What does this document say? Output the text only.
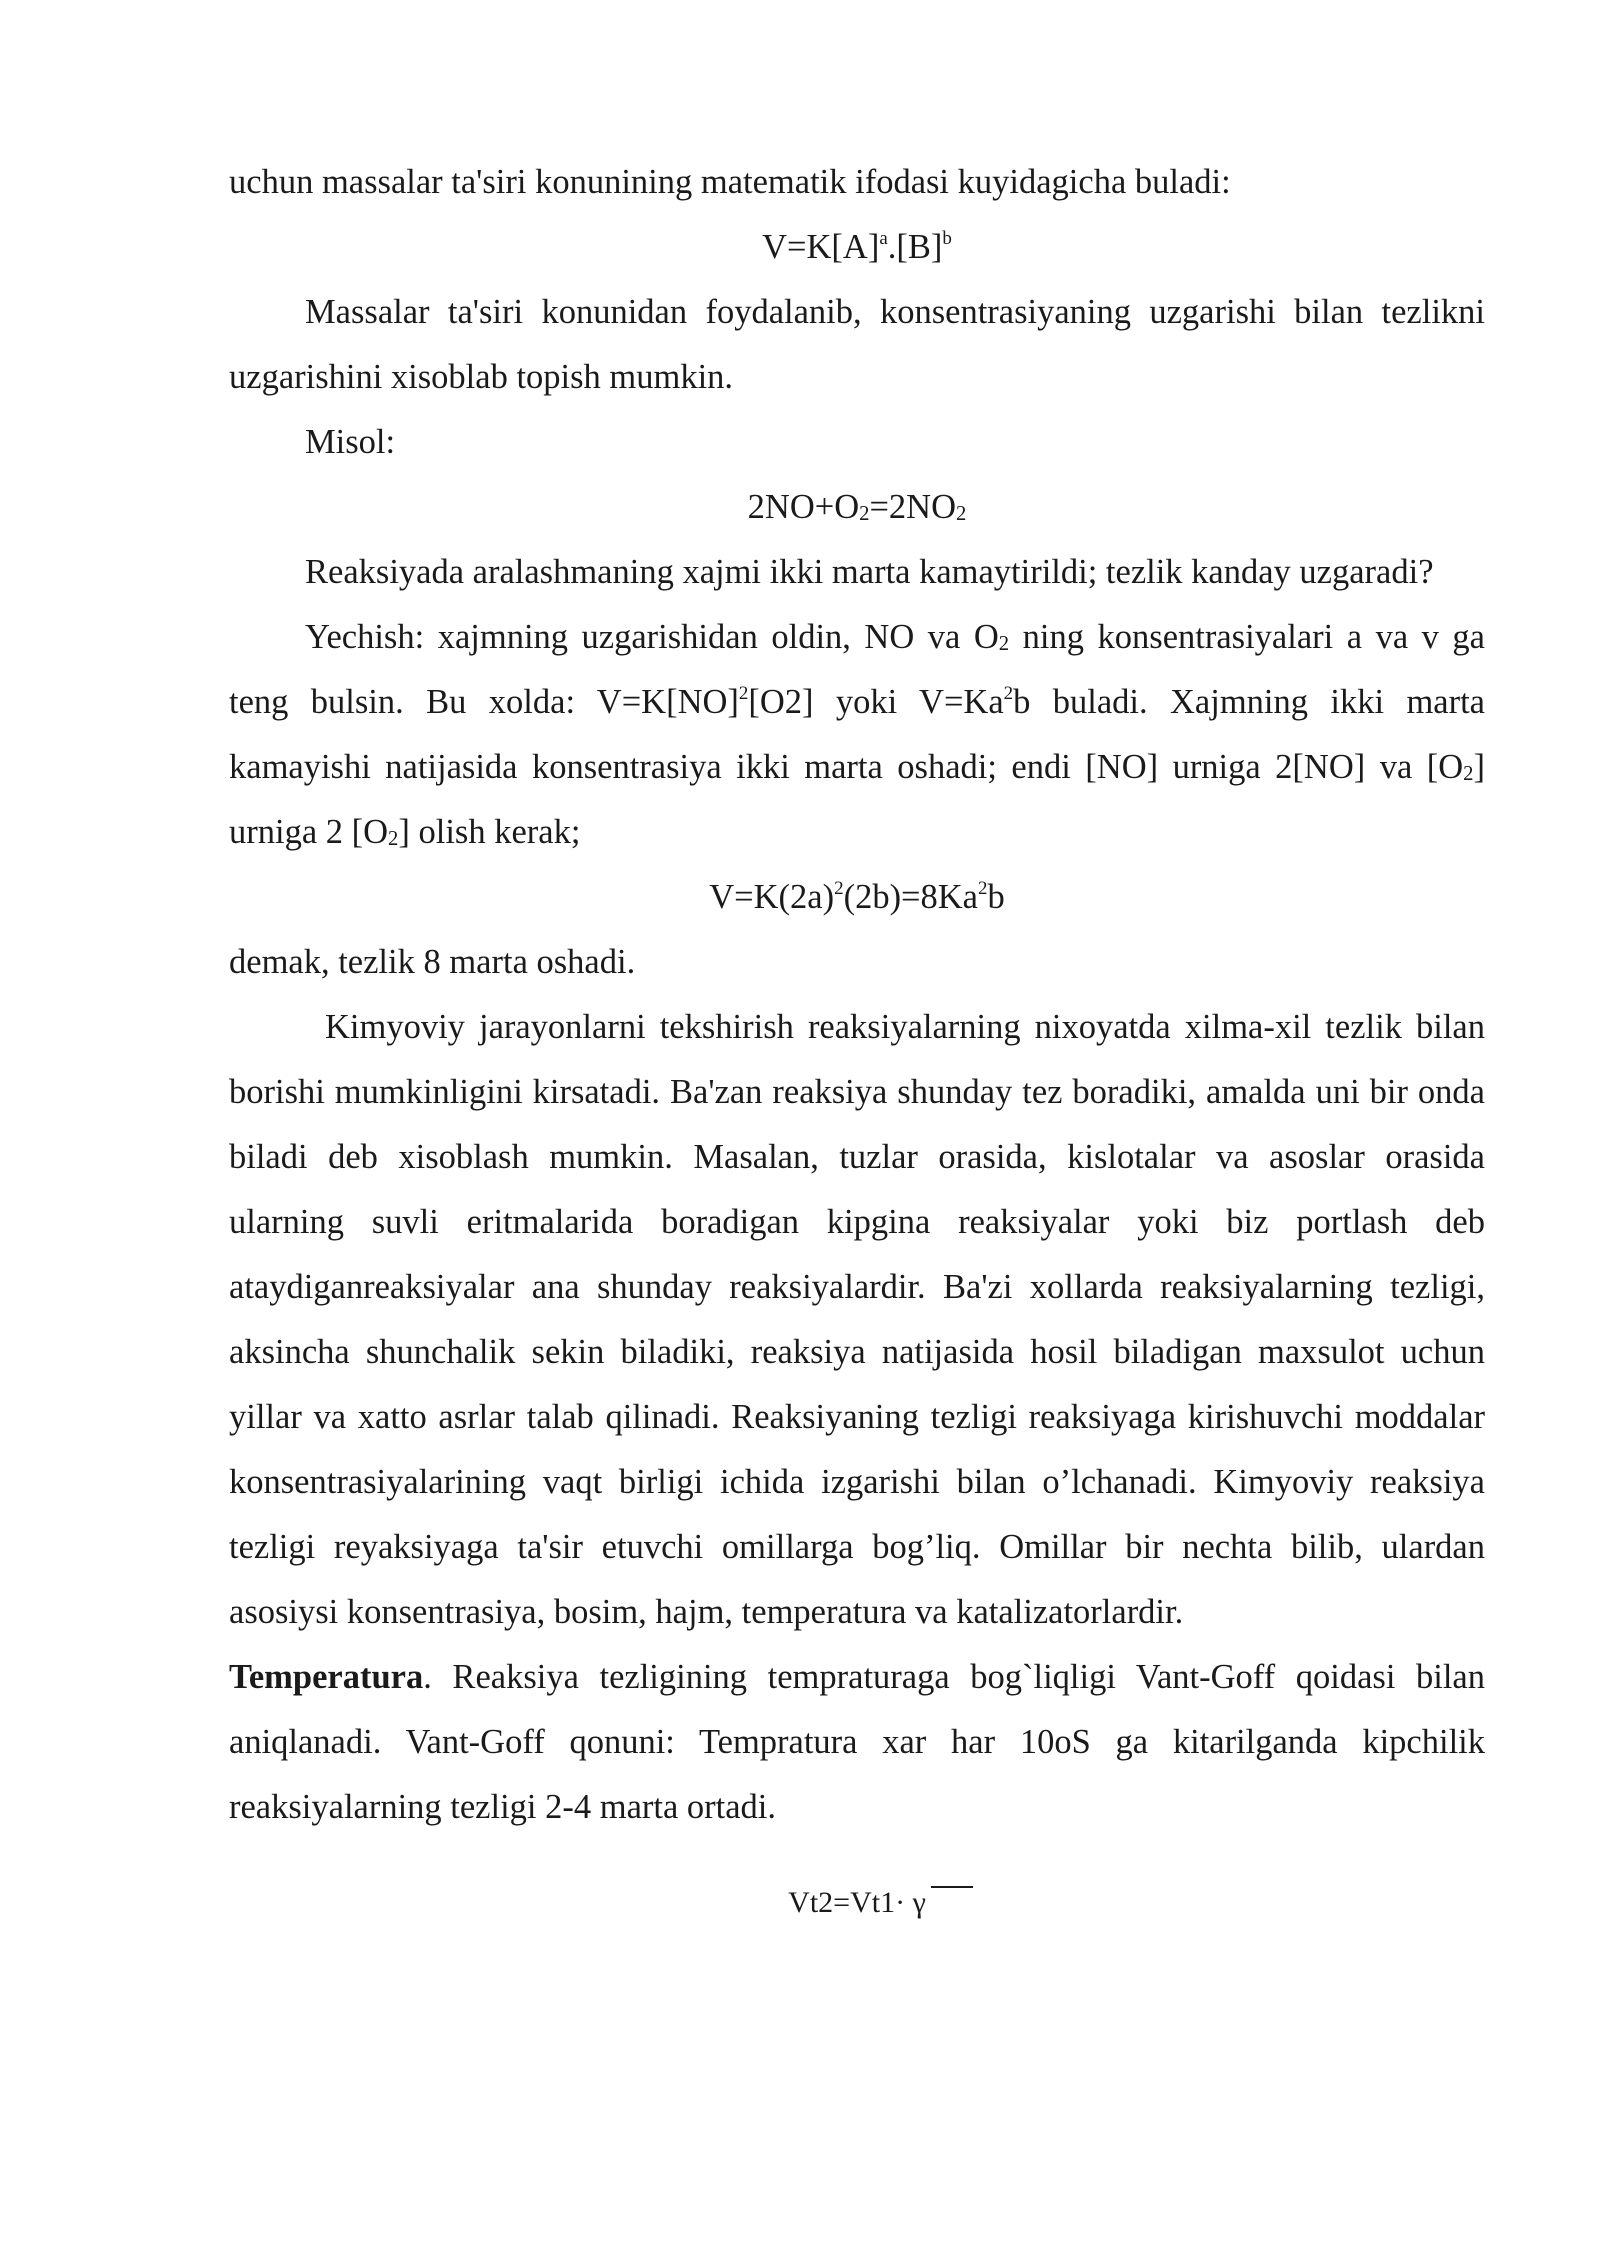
uchun massalar ta'siri konunining matematik ifodasi kuyidagicha buladi:

$V=K[A]^a.[B]^b$

Massalar ta'siri konunidan foydalanib, konsentrasiyaning uzgarishi bilan tezlikni uzgarishini xisoblab topish mumkin.

Misol:

$2NO+O_2=2NO_2$

Reaksiyada aralashmaning xajmi ikki marta kamaytirildi; tezlik kanday uzgaradi?

Yechish: xajmning uzgarishidan oldin, NO va $O_2$ ning konsentrasiyalari a va v ga teng bulsin. Bu xolda: V=K[NO]$^2$[O2] yoki $V=Ka^2b$ buladi. Xajmning ikki marta kamayishi natijasida konsentrasiya ikki marta oshadi; endi [NO] urniga 2[NO] va $[O_2]$ urniga 2 $[O_2]$ olish kerak;

$V=K(2a)^2(2b)=8Ka^2b$

demak, tezlik 8 marta oshadi.

Kimyoviy jarayonlarni tekshirish reaksiyalarning nixoyatda xilma-xil tezlik bilan borishi mumkinligini kirsatadi. Ba'zan reaksiya shunday tez boradiki, amalda uni bir onda biladi deb xisoblash mumkin. Masalan, tuzlar orasida, kislotalar va asoslar orasida ularning suvli eritmalarida boradigan kipgina reaksiyalar yoki biz portlash deb ataydiganreaksiyalar ana shunday reaksiyalardir. Ba'zi xollarda reaksiyalarning tezligi, aksincha shunchalik sekin biladiki, reaksiya natijasida hosil biladigan maxsulot uchun yillar va xatto asrlar talab qilinadi. Reaksiyaning tezligi reaksiyaga kirishuvchi moddalar konsentrasiyalarining vaqt birligi ichida izgarishi bilan o’lchanadi. Kimyoviy reaksiya tezligi reyaksiyaga ta'sir etuvchi omillarga bog’liq. Omillar bir nechta bilib, ulardan asosiysi konsentrasiya, bosim, hajm, temperatura va katalizatorlardir.

Temperatura. Reaksiya tezligining tempraturaga bog`liqligi Vant-Goff qoidasi bilan aniqlanadi. Vant-Goff qonuni: Tempratura xar har 10oS ga kitarilganda kipchilik reaksiyalarning tezligi 2-4 marta ortadi.

Vt2=Vt1· γ
